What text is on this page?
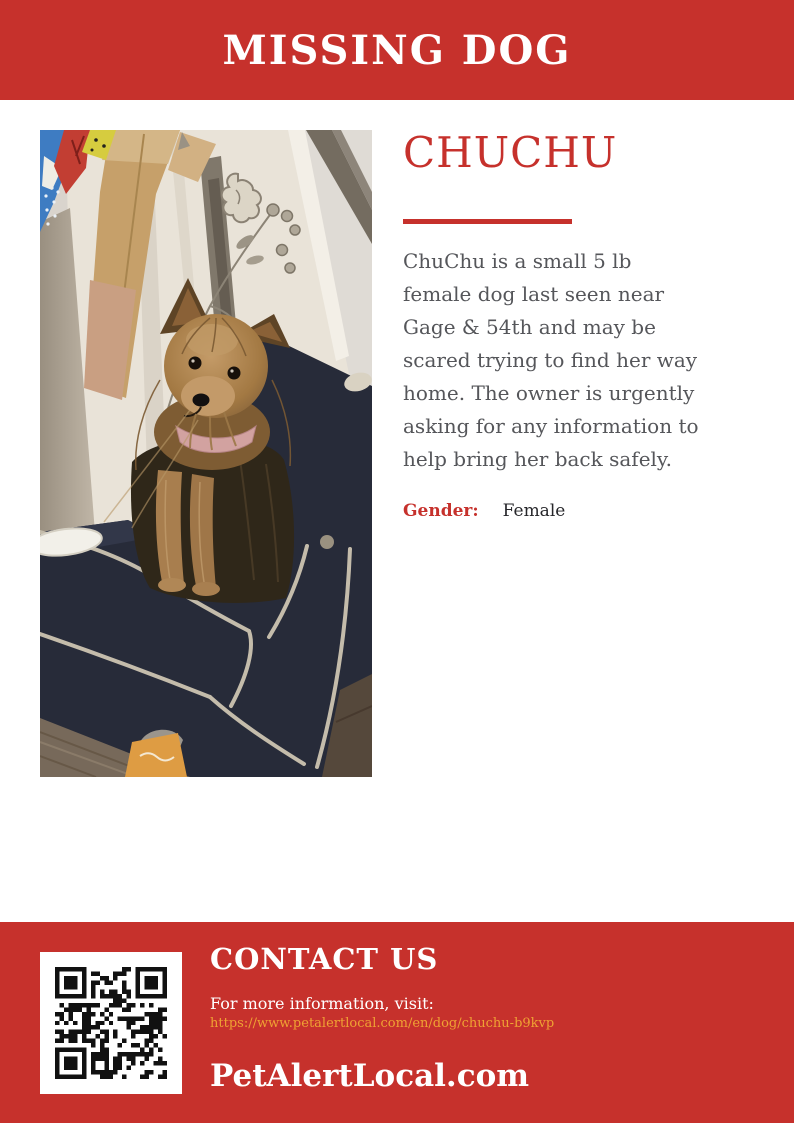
MISSING DOG
CHUCHU

ChuChu is a small 5 lb female dog last seen near Gage & 54th and may be scared trying to find her way home. The owner is urgently asking for any information to help bring her back safely.

Gender: Female
CONTACT US

For more information, visit:

https://www.petalertlocal.com/en/dog/chuchu-b9kvp
PetAlertLocal.com
